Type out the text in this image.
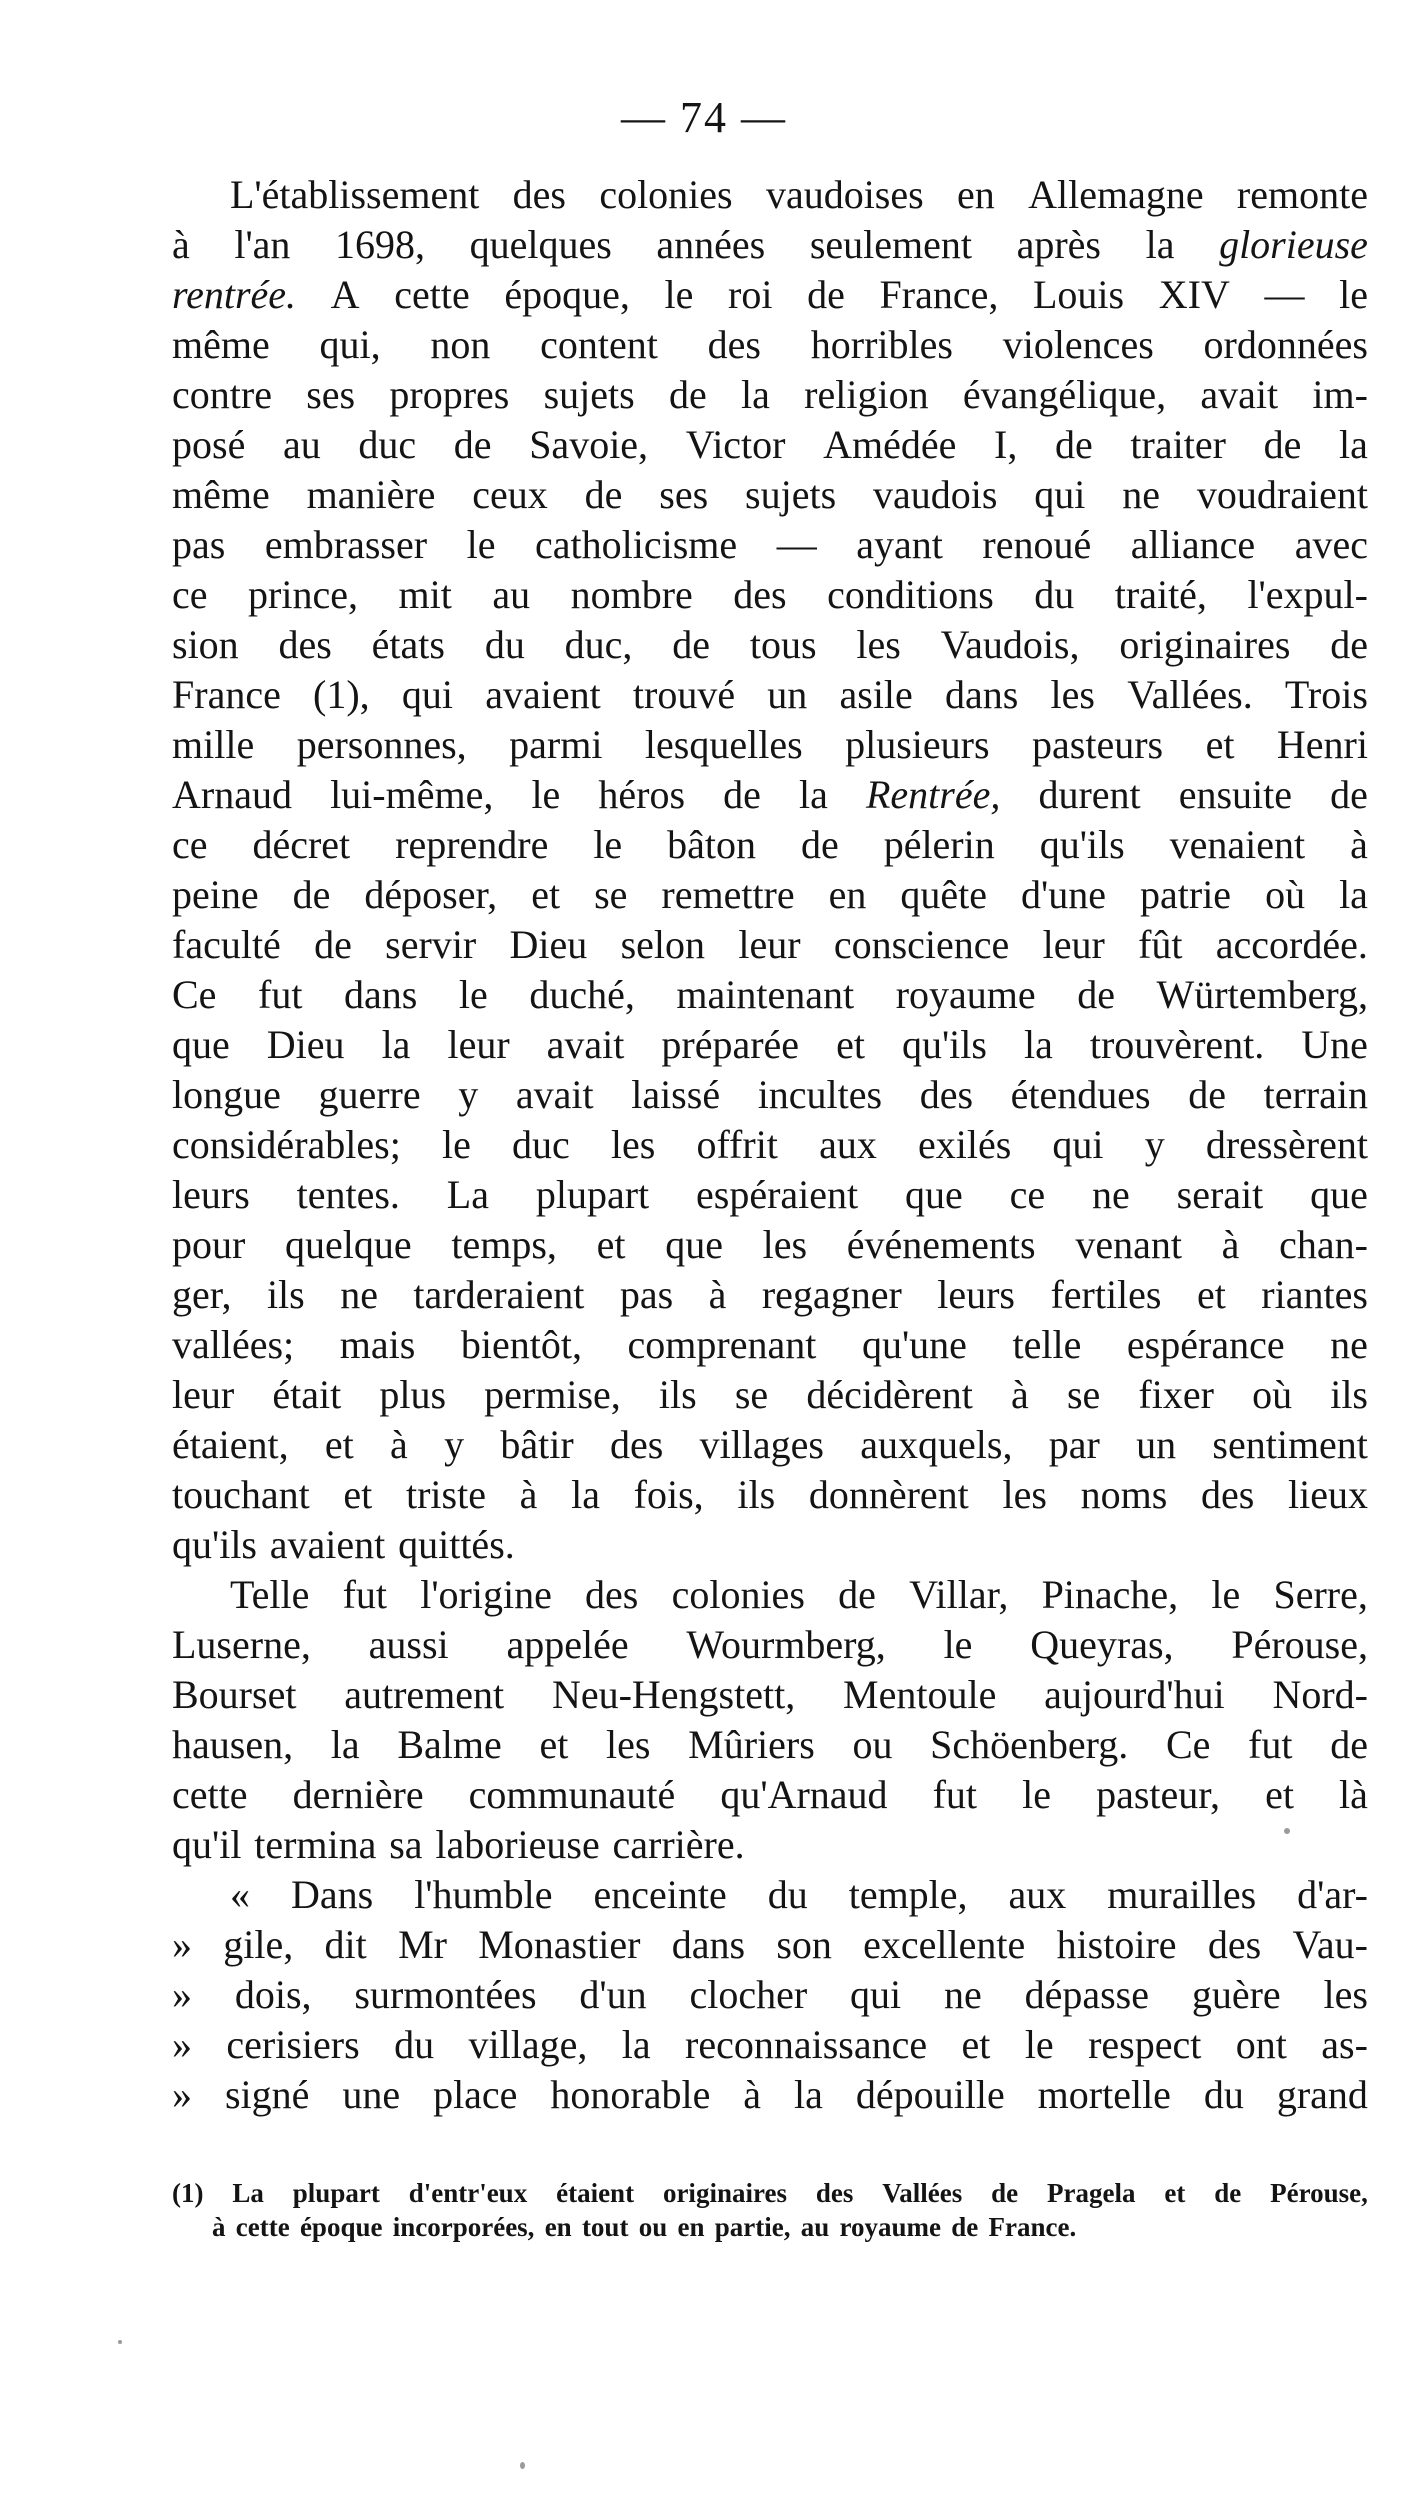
— 74 —
L'établissement des colonies vaudoises en Allemagne remonte
à l'an 1698, quelques années seulement après la glorieuse
rentrée. A cette époque, le roi de France, Louis XIV — le
même qui, non content des horribles violences ordonnées
contre ses propres sujets de la religion évangélique, avait im-
posé au duc de Savoie, Victor Amédée I, de traiter de la
même manière ceux de ses sujets vaudois qui ne voudraient
pas embrasser le catholicisme — ayant renoué alliance avec
ce prince, mit au nombre des conditions du traité, l'expul-
sion des états du duc, de tous les Vaudois, originaires de
France (1), qui avaient trouvé un asile dans les Vallées. Trois
mille personnes, parmi lesquelles plusieurs pasteurs et Henri
Arnaud lui-même, le héros de la Rentrée, durent ensuite de
ce décret reprendre le bâton de pélerin qu'ils venaient à
peine de déposer, et se remettre en quête d'une patrie où la
faculté de servir Dieu selon leur conscience leur fût accordée.
Ce fut dans le duché, maintenant royaume de Würtemberg,
que Dieu la leur avait préparée et qu'ils la trouvèrent. Une
longue guerre y avait laissé incultes des étendues de terrain
considérables; le duc les offrit aux exilés qui y dressèrent
leurs tentes. La plupart espéraient que ce ne serait que
pour quelque temps, et que les événements venant à chan-
ger, ils ne tarderaient pas à regagner leurs fertiles et riantes
vallées; mais bientôt, comprenant qu'une telle espérance ne
leur était plus permise, ils se décidèrent à se fixer où ils
étaient, et à y bâtir des villages auxquels, par un sentiment
touchant et triste à la fois, ils donnèrent les noms des lieux
qu'ils avaient quittés.
Telle fut l'origine des colonies de Villar, Pinache, le Serre,
Luserne, aussi appelée Wourmberg, le Queyras, Pérouse,
Bourset autrement Neu-Hengstett, Mentoule aujourd'hui Nord-
hausen, la Balme et les Mûriers ou Schöenberg. Ce fut de
cette dernière communauté qu'Arnaud fut le pasteur, et là
qu'il termina sa laborieuse carrière.
« Dans l'humble enceinte du temple, aux murailles d'ar-
» gile, dit Mr Monastier dans son excellente histoire des Vau-
» dois, surmontées d'un clocher qui ne dépasse guère les
» cerisiers du village, la reconnaissance et le respect ont as-
» signé une place honorable à la dépouille mortelle du grand
(1) La plupart d'entr'eux étaient originaires des Vallées de Pragela et de Pérouse,
à cette époque incorporées, en tout ou en partie, au royaume de France.
